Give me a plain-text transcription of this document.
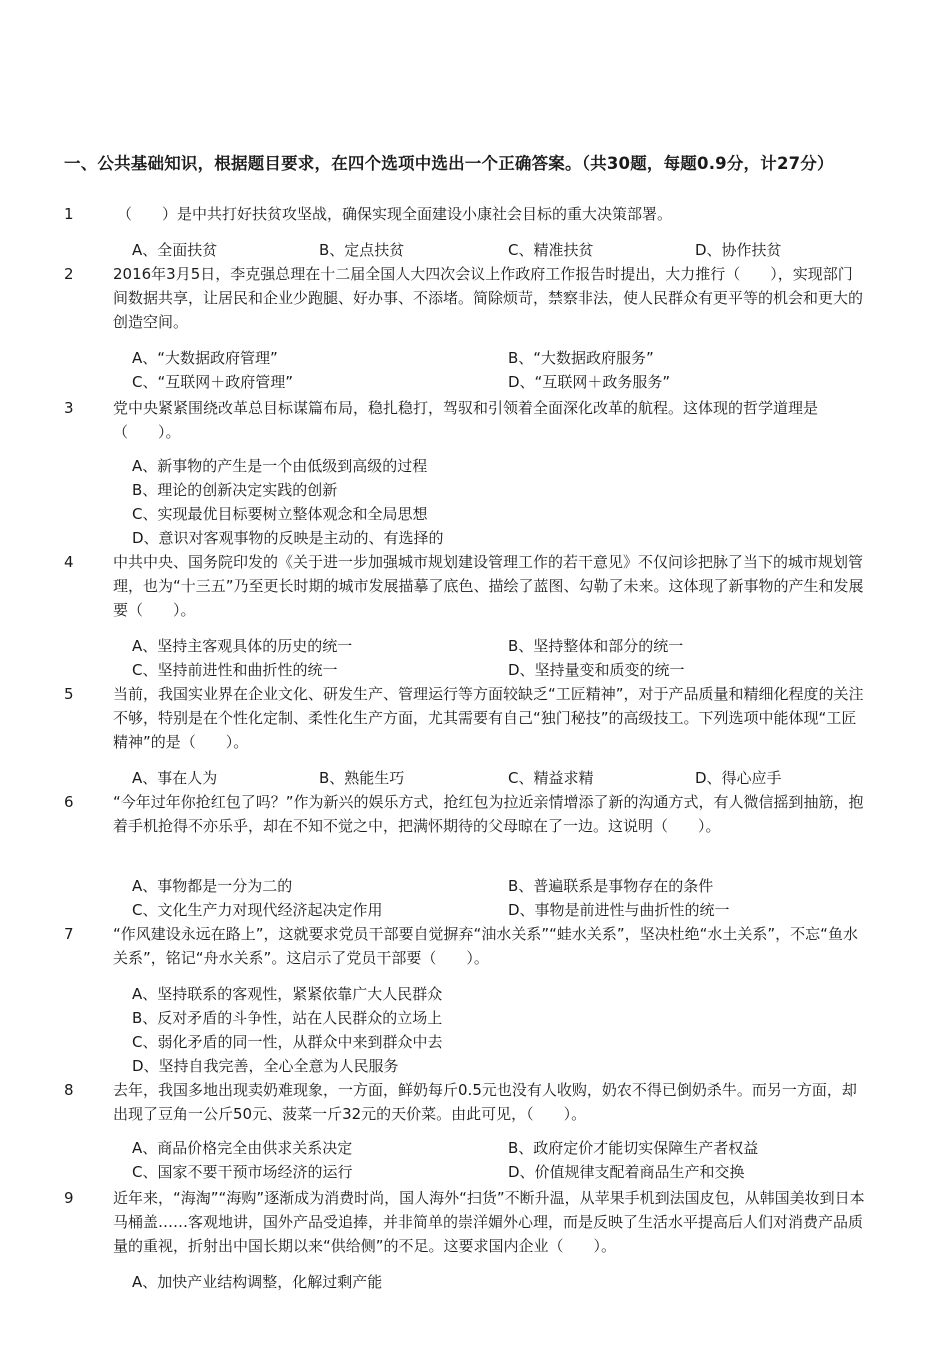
一、公共基础知识，根据题目要求，在四个选项中选出一个正确答案。（共30题，每题0.9分，计27分）
1	（　　）是中共打好扶贫攻坚战，确保实现全面建设小康社会目标的重大决策部署。
A、全面扶贫	B、定点扶贫	C、精准扶贫	D、协作扶贫
2	2016年3月5日，李克强总理在十二届全国人大四次会议上作政府工作报告时提出，大力推行（　　），实现部门间数据共享，让居民和企业少跑腿、好办事、不添堵。简除烦苛，禁察非法，使人民群众有更平等的机会和更大的创造空间。
A、“大数据政府管理”	B、“大数据政府服务”
C、“互联网＋政府管理”	D、“互联网＋政务服务”
3	党中央紧紧围绕改革总目标谋篇布局，稳扎稳打，驾驭和引领着全面深化改革的航程。这体现的哲学道理是（　　）。
A、新事物的产生是一个由低级到高级的过程
B、理论的创新决定实践的创新
C、实现最优目标要树立整体观念和全局思想
D、意识对客观事物的反映是主动的、有选择的
4	中共中央、国务院印发的《关于进一步加强城市规划建设管理工作的若干意见》不仅问诊把脉了当下的城市规划管理，也为“十三五”乃至更长时期的城市发展描摹了底色、描绘了蓝图、勾勒了未来。这体现了新事物的产生和发展要（　　）。
A、坚持主客观具体的历史的统一	B、坚持整体和部分的统一
C、坚持前进性和曲折性的统一	D、坚持量变和质变的统一
5	当前，我国实业界在企业文化、研发生产、管理运行等方面较缺乏“工匠精神”，对于产品质量和精细化程度的关注不够，特别是在个性化定制、柔性化生产方面，尤其需要有自己“独门秘技”的高级技工。下列选项中能体现“工匠精神”的是（　　）。
A、事在人为	B、熟能生巧	C、精益求精	D、得心应手
6	“今年过年你抢红包了吗？”作为新兴的娱乐方式，抢红包为拉近亲情增添了新的沟通方式，有人微信摇到抽筋，抱着手机抢得不亦乐乎，却在不知不觉之中，把满怀期待的父母晾在了一边。这说明（　　）。
A、事物都是一分为二的	B、普遍联系是事物存在的条件
C、文化生产力对现代经济起决定作用	D、事物是前进性与曲折性的统一
7	“作风建设永远在路上”，这就要求党员干部要自觉摒弃“油水关系”“蛙水关系”，坚决杜绝“水土关系”，不忘“鱼水关系”，铭记“舟水关系”。这启示了党员干部要（　　）。
A、坚持联系的客观性，紧紧依靠广大人民群众
B、反对矛盾的斗争性，站在人民群众的立场上
C、弱化矛盾的同一性，从群众中来到群众中去
D、坚持自我完善，全心全意为人民服务
8	去年，我国多地出现卖奶难现象，一方面，鲜奶每斤0.5元也没有人收购，奶农不得已倒奶杀牛。而另一方面，却出现了豆角一公斤50元、菠菜一斤32元的天价菜。由此可见，（　　）。
A、商品价格完全由供求关系决定	B、政府定价才能切实保障生产者权益
C、国家不要干预市场经济的运行	D、价值规律支配着商品生产和交换
9	近年来，“海淘”“海购”逐渐成为消费时尚，国人海外“扫货”不断升温，从苹果手机到法国皮包，从韩国美妆到日本马桶盖……客观地讲，国外产品受追捧，并非简单的崇洋媚外心理，而是反映了生活水平提高后人们对消费产品质量的重视，折射出中国长期以来“供给侧”的不足。这要求国内企业（　　）。
A、加快产业结构调整，化解过剩产能
